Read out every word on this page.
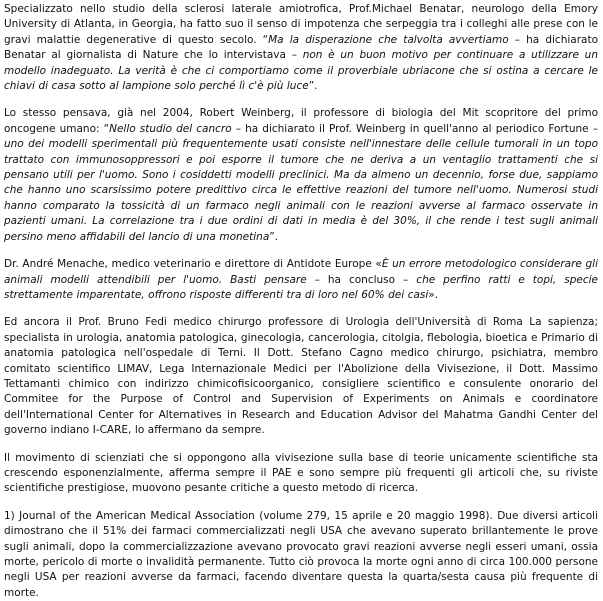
Specializzato nello studio della sclerosi laterale amiotrofica, Prof.Michael Benatar, neurologo della Emory University di Atlanta, in Georgia, ha fatto suo il senso di impotenza che serpeggia tra i colleghi alle prese con le gravi malattie degenerative di questo secolo. “Ma la disperazione che talvolta avvertiamo – ha dichiarato Benatar al giornalista di Nature che lo intervistava – non è un buon motivo per continuare a utilizzare un modello inadeguato. La verità è che ci comportiamo come il proverbiale ubriacone che si ostina a cercare le chiavi di casa sotto al lampione solo perché lì c'è più luce”.

Lo stesso pensava, già nel 2004, Robert Weinberg, il professore di biologia del Mit scopritore del primo oncogene umano: “Nello studio del cancro – ha dichiarato il Prof. Weinberg in quell'anno al periodico Fortune – uno dei modelli sperimentali più frequentemente usati consiste nell'innestare delle cellule tumorali in un topo trattato con immunosoppressori e poi esporre il tumore che ne deriva a un ventaglio trattamenti che si pensano utili per l'uomo. Sono i cosiddetti modelli preclinici. Ma da almeno un decennio, forse due, sappiamo che hanno uno scarsissimo potere predittivo circa le effettive reazioni del tumore nell'uomo. Numerosi studi hanno comparato la tossicità di un farmaco negli animali con le reazioni avverse al farmaco osservate in pazienti umani. La correlazione tra i due ordini di dati in media è del 30%, il che rende i test sugli animali persino meno affidabili del lancio di una monetina”.

Dr. André Menache, medico veterinario e direttore di Antidote Europe «È un errore metodologico considerare gli animali modelli attendibili per l'uomo. Basti pensare – ha concluso – che perfino ratti e topi, specie strettamente imparentate, offrono risposte differenti tra di loro nel 60% dei casi».

Ed ancora il Prof. Bruno Fedi medico chirurgo professore di Urologia dell'Università di Roma La sapienza; specialista in urologia, anatomia patologica, ginecologia, cancerologia, citolgia, flebologia, bioetica e Primario di anatomia patologica nell'ospedale di Terni. Il Dott. Stefano Cagno medico chirurgo, psichiatra, membro comitato scientifico LIMAV, Lega Internazionale Medici per l'Abolizione della Vivisezione, il Dott. Massimo Tettamanti chimico con indirizzo chimicofisicoorganico, consigliere scientifico e consulente onorario del Commitee for the Purpose of Control and Supervision of Experiments on Animals e coordinatore dell'International Center for Alternatives in Research and Education Advisor del Mahatma Gandhi Center del governo indiano I-CARE, lo affermano da sempre.

Il movimento di scienziati che si oppongono alla vivisezione sulla base di teorie unicamente scientifiche sta crescendo esponenzialmente, afferma sempre il PAE e sono sempre più frequenti gli articoli che, su riviste scientifiche prestigiose, muovono pesante critiche a questo metodo di ricerca.

1) Journal of the American Medical Association (volume 279, 15 aprile e 20 maggio 1998). Due diversi articoli dimostrano che il 51% dei farmaci commercializzati negli USA che avevano superato brillantemente le prove sugli animali, dopo la commercializzazione avevano provocato gravi reazioni avverse negli esseri umani, ossia morte, pericolo di morte o invalidità permanente. Tutto ciò provoca la morte ogni anno di circa 100.000 persone negli USA per reazioni avverse da farmaci, facendo diventare questa la quarta/sesta causa più frequente di morte.
